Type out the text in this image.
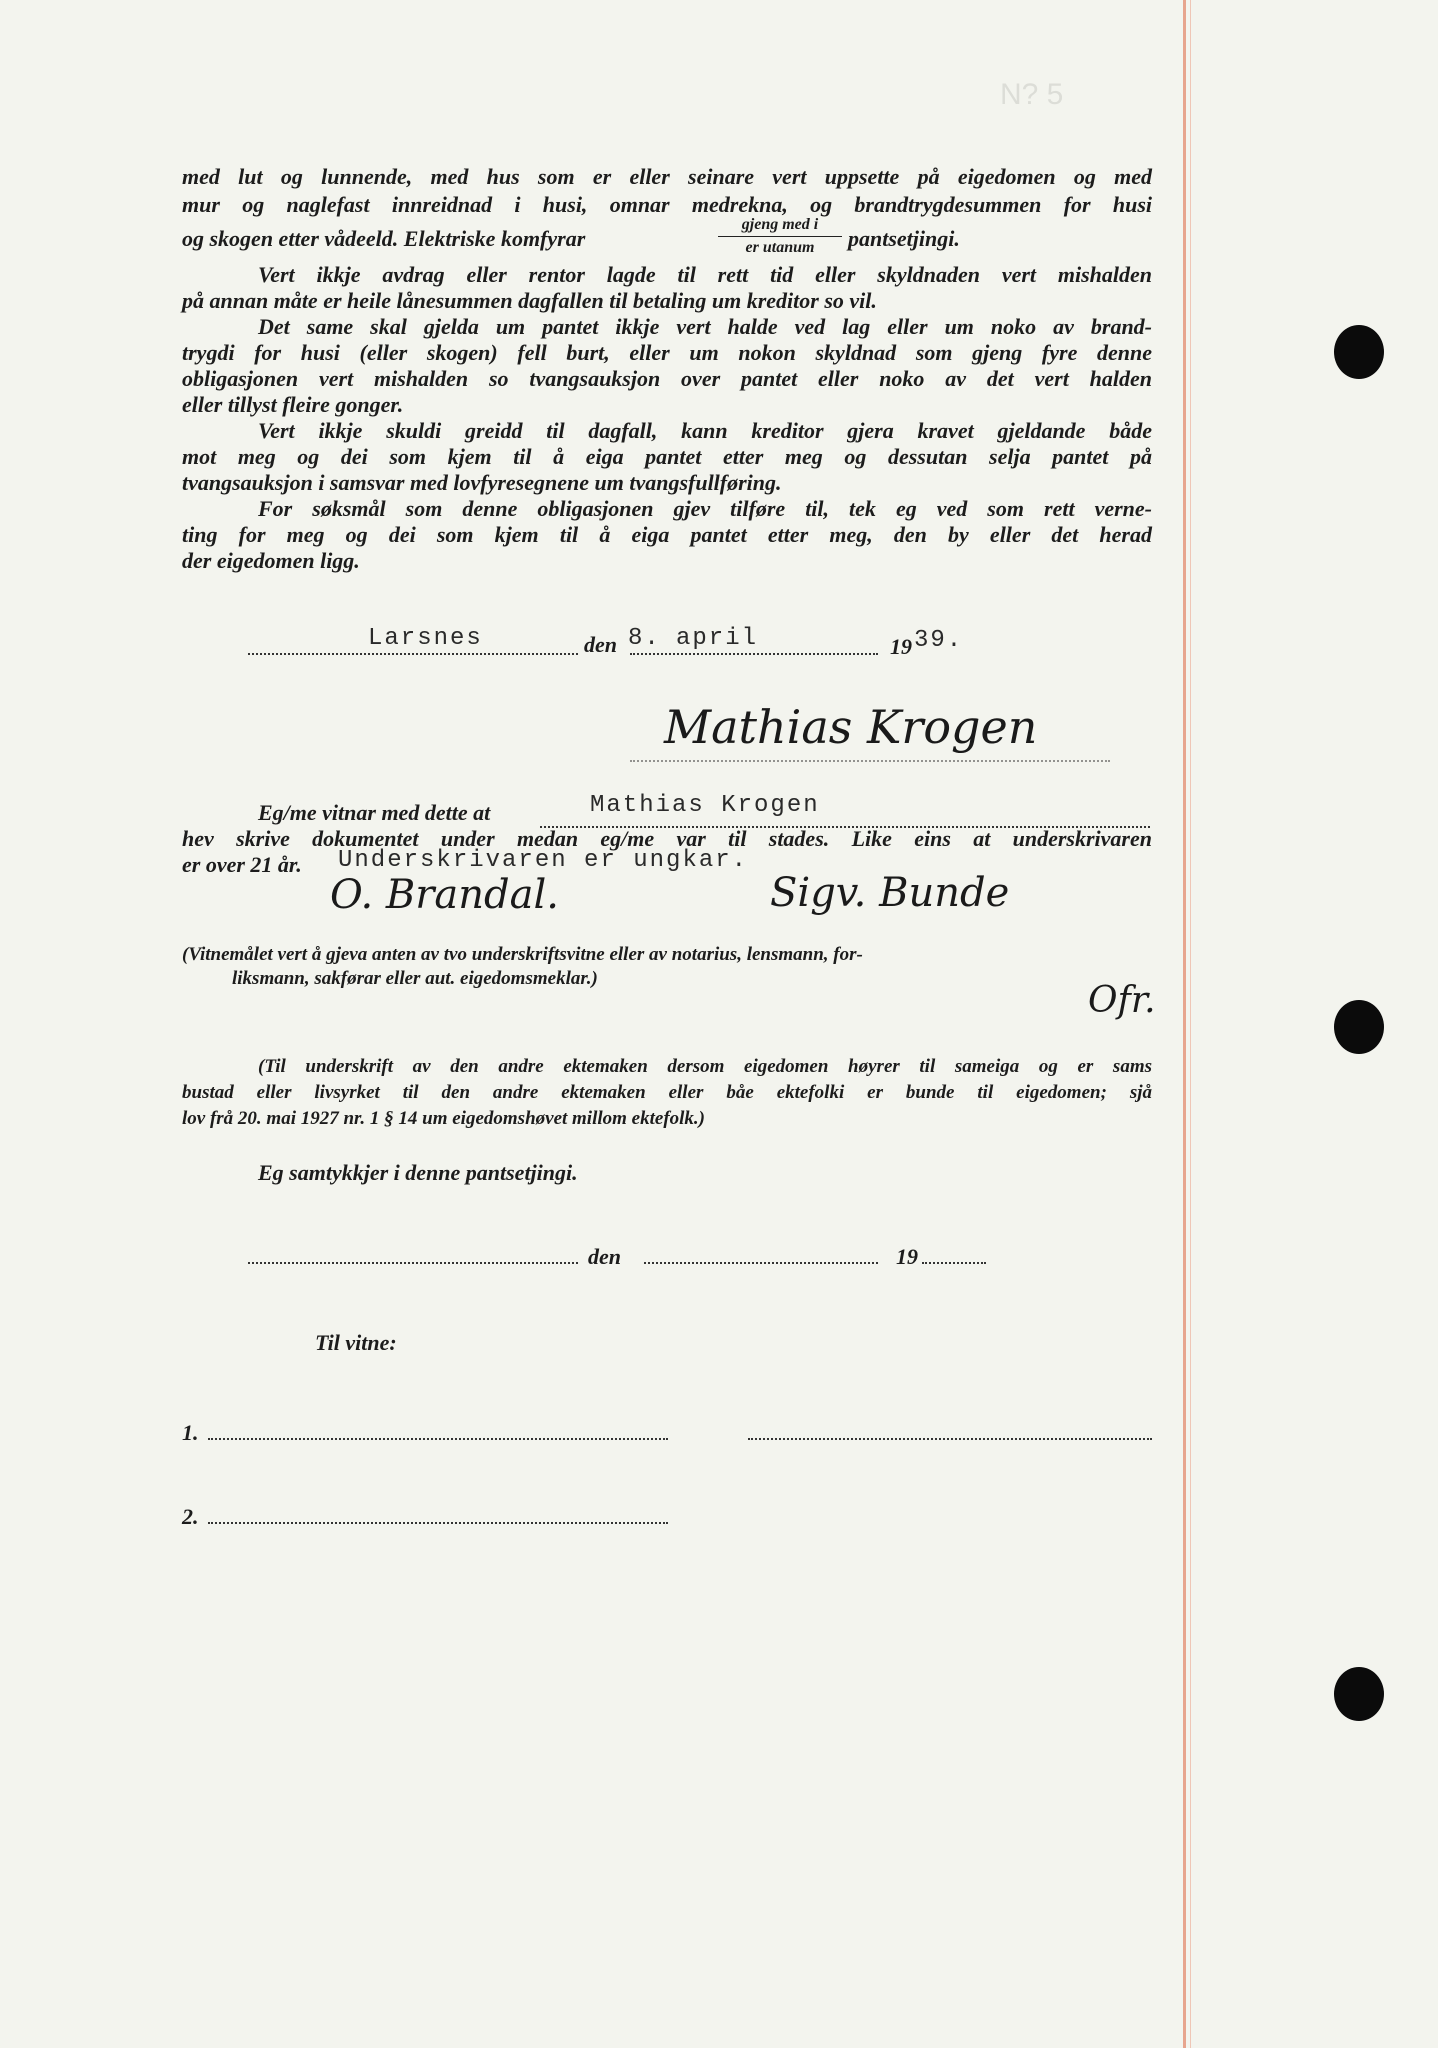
N? 5
med lut og lunnende, med hus som er eller seinare vert uppsette på eigedomen og med
mur og naglefast innreidnad i husi, omnar medrekna, og brandtrygdesummen for husi
og skogen etter vådeeld. Elektriske komfyrar
gjeng med i
er utanum	pantsetjingi.
Vert ikkje avdrag eller rentor lagde til rett tid eller skyldnaden vert mishalden
på annan måte er heile lånesummen dagfallen til betaling um kreditor so vil.
Det same skal gjelda um pantet ikkje vert halde ved lag eller um noko av brand-
trygdi for husi (eller skogen) fell burt, eller um nokon skyldnad som gjeng fyre denne
obligasjonen vert mishalden so tvangsauksjon over pantet eller noko av det vert halden
eller tillyst fleire gonger.
Vert ikkje skuldi greidd til dagfall, kann kreditor gjera kravet gjeldande både
mot meg og dei som kjem til å eiga pantet etter meg og dessutan selja pantet på
tvangsauksjon i samsvar med lovfyresegnene um tvangsfullføring.
For søksmål som denne obligasjonen gjev tilføre til, tek eg ved som rett verne-
ting for meg og dei som kjem til å eiga pantet etter meg, den by eller det herad
der eigedomen ligg.
Larsnes	den 8. april	19 39.
Mathias Krogen
Eg/me vitnar med dette at	Mathias Krogen
hev skrive dokumentet under medan eg/me var til stades. Like eins at underskrivaren
er over 21 år. Underskrivaren er ungkar.
O. Brandal.	Sigv. Bunde
(Vitnemålet vert å gjeva anten av tvo underskriftsvitne eller av notarius, lensmann, for-
liksmann, sakførar eller aut. eigedomsmeklar.)
Ofr.
(Til underskrift av den andre ektemaken dersom eigedomen høyrer til sameiga og er sams
bustad eller livsyrket til den andre ektemaken eller båe ektefolki er bunde til eigedomen; sjå
lov frå 20. mai 1927 nr. 1 § 14 um eigedomshøvet millom ektefolk.)
Eg samtykkjer i denne pantsetjingi.
den	19
Til vitne:
1.
2.
